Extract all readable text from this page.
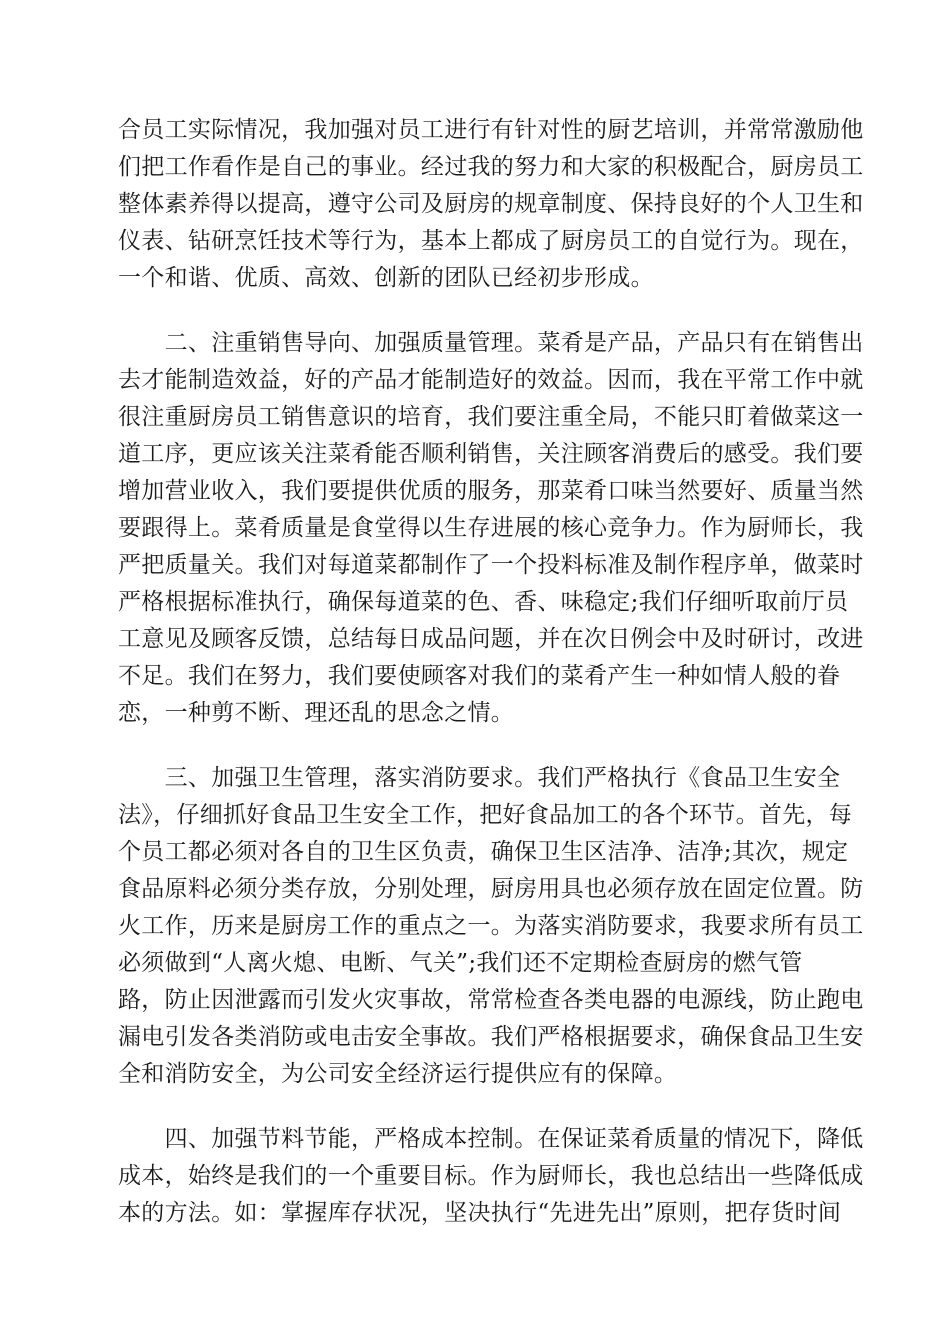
合员工实际情况，我加强对员工进行有针对性的厨艺培训，并常常激励他
们把工作看作是自己的事业。经过我的努力和大家的积极配合，厨房员工
整体素养得以提高，遵守公司及厨房的规章制度、保持良好的个人卫生和
仪表、钻研烹饪技术等行为，基本上都成了厨房员工的自觉行为。现在，
一个和谐、优质、高效、创新的团队已经初步形成。
　　二、注重销售导向、加强质量管理。菜肴是产品，产品只有在销售出
去才能制造效益，好的产品才能制造好的效益。因而，我在平常工作中就
很注重厨房员工销售意识的培育，我们要注重全局，不能只盯着做菜这一
道工序，更应该关注菜肴能否顺利销售，关注顾客消费后的感受。我们要
增加营业收入，我们要提供优质的服务，那菜肴口味当然要好、质量当然
要跟得上。菜肴质量是食堂得以生存进展的核心竞争力。作为厨师长，我
严把质量关。我们对每道菜都制作了一个投料标准及制作程序单，做菜时
严格根据标准执行，确保每道菜的色、香、味稳定;我们仔细听取前厅员
工意见及顾客反馈，总结每日成品问题，并在次日例会中及时研讨，改进
不足。我们在努力，我们要使顾客对我们的菜肴产生一种如情人般的眷
恋，一种剪不断、理还乱的思念之情。
　　三、加强卫生管理，落实消防要求。我们严格执行《食品卫生安全
法》，仔细抓好食品卫生安全工作，把好食品加工的各个环节。首先，每
个员工都必须对各自的卫生区负责，确保卫生区洁净、洁净;其次，规定
食品原料必须分类存放，分别处理，厨房用具也必须存放在固定位置。防
火工作，历来是厨房工作的重点之一。为落实消防要求，我要求所有员工
必须做到“人离火熄、电断、气关”;我们还不定期检查厨房的燃气管
路，防止因泄露而引发火灾事故，常常检查各类电器的电源线，防止跑电
漏电引发各类消防或电击安全事故。我们严格根据要求，确保食品卫生安
全和消防安全，为公司安全经济运行提供应有的保障。
　　四、加强节料节能，严格成本控制。在保证菜肴质量的情况下，降低
成本，始终是我们的一个重要目标。作为厨师长，我也总结出一些降低成
本的方法。如：掌握库存状况，坚决执行“先进先出”原则，把存货时间
